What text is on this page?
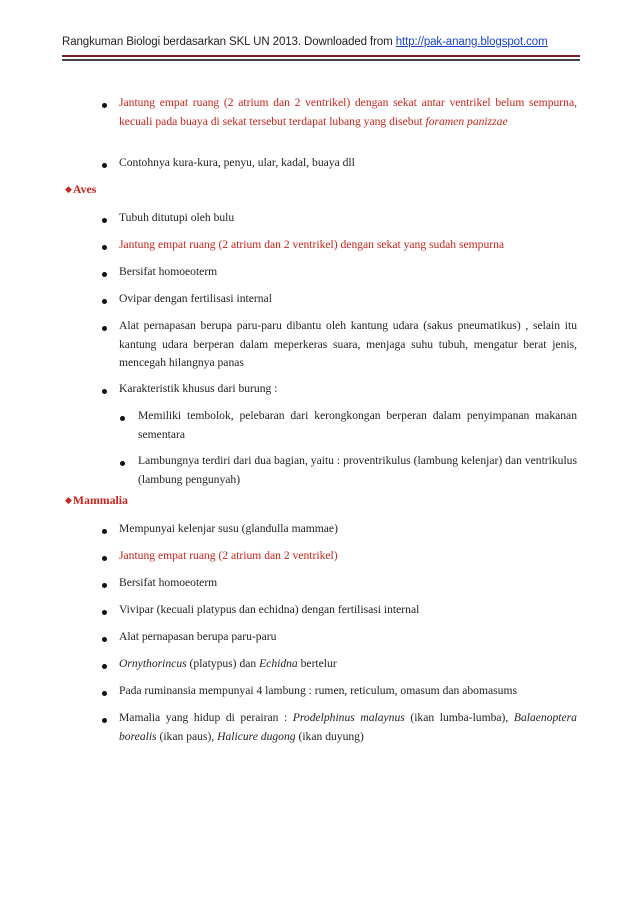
Rangkuman Biologi berdasarkan SKL UN 2013. Downloaded from http://pak-anang.blogspot.com
Jantung empat ruang (2 atrium dan 2 ventrikel) dengan sekat antar ventrikel belum sempurna, kecuali pada buaya di sekat tersebut terdapat lubang yang disebut foramen panizzae
Contohnya kura-kura, penyu, ular, kadal, buaya dll
◆Aves
Tubuh ditutupi oleh bulu
Jantung empat ruang (2 atrium dan 2 ventrikel) dengan sekat yang sudah sempurna
Bersifat homoeoterm
Ovipar dengan fertilisasi internal
Alat pernapasan berupa paru-paru dibantu oleh kantung udara (sakus pneumatikus) , selain itu kantung udara berperan dalam meperkeras suara, menjaga suhu tubuh, mengatur berat jenis, mencegah hilangnya panas
Karakteristik khusus dari burung :
Memiliki tembolok, pelebaran dari kerongkongan berperan dalam penyimpanan makanan sementara
Lambungnya terdiri dari dua bagian, yaitu : proventrikulus (lambung kelenjar) dan ventrikulus (lambung pengunyah)
◆Mammalia
Mempunyai kelenjar susu (glandulla mammae)
Jantung empat ruang (2 atrium dan 2 ventrikel)
Bersifat homoeoterm
Vivipar (kecuali platypus dan echidna) dengan fertilisasi internal
Alat pernapasan berupa paru-paru
Ornythorincus (platypus) dan Echidna bertelur
Pada ruminansia mempunyai 4 lambung : rumen, reticulum, omasum dan abomasums
Mamalia yang hidup di perairan : Prodelphinus malaynus (ikan lumba-lumba), Balaenoptera borealis (ikan paus), Halicure dugong (ikan duyung)
